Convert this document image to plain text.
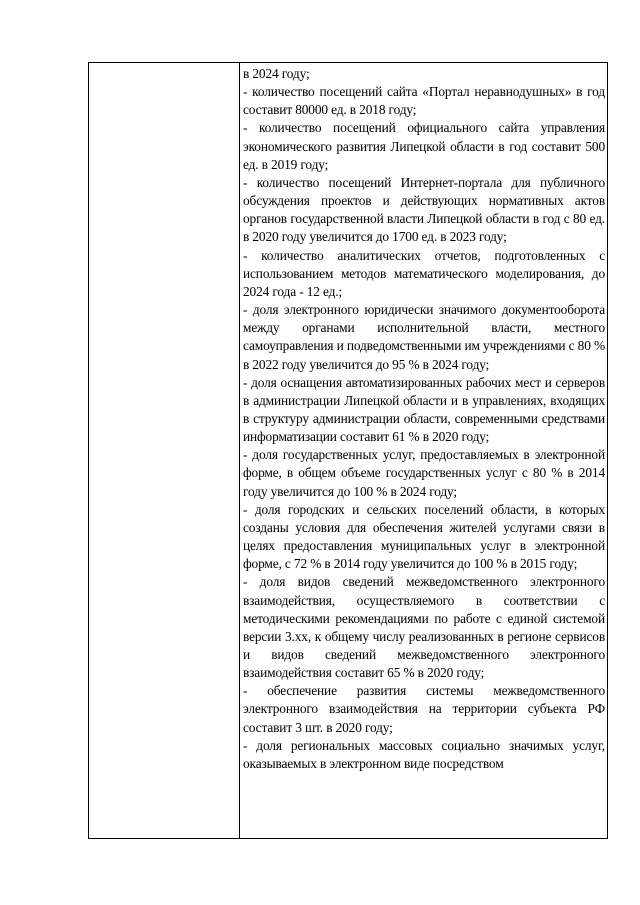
в 2024 году;

- количество посещений сайта «Портал неравнодушных» в год составит 80000 ед. в 2018 году;

- количество посещений официального сайта управления экономического развития Липецкой области в год составит 500 ед. в 2019 году;

- количество посещений Интернет-портала для публичного обсуждения проектов и действующих нормативных актов органов государственной власти Липецкой области в год с 80 ед. в 2020 году увеличится до 1700 ед. в 2023 году;

- количество аналитических отчетов, подготовленных с использованием методов математического моделирования, до 2024 года - 12 ед.;

- доля электронного юридически значимого документооборота между органами исполнительной власти, местного самоуправления и подведомственными им учреждениями с 80 % в 2022 году увеличится до 95 % в 2024 году;

- доля оснащения автоматизированных рабочих мест и серверов в администрации Липецкой области и в управлениях, входящих в структуру администрации области, современными средствами информатизации составит 61 % в 2020 году;

- доля государственных услуг, предоставляемых в электронной форме, в общем объеме государственных услуг с 80 % в 2014 году увеличится до 100 % в 2024 году;

- доля городских и сельских поселений области, в которых созданы условия для обеспечения жителей услугами связи в целях предоставления муниципальных услуг в электронной форме, с 72 % в 2014 году увеличится до 100 % в 2015 году;

- доля видов сведений межведомственного электронного взаимодействия, осуществляемого в соответствии с методическими рекомендациями по работе с единой системой версии 3.хх, к общему числу реализованных в регионе сервисов и видов сведений межведомственного электронного взаимодействия составит 65 % в 2020 году;

- обеспечение развития системы межведомственного электронного взаимодействия на территории субъекта РФ составит 3 шт. в 2020 году;

- доля региональных массовых социально значимых услуг, оказываемых в электронном виде посредством
